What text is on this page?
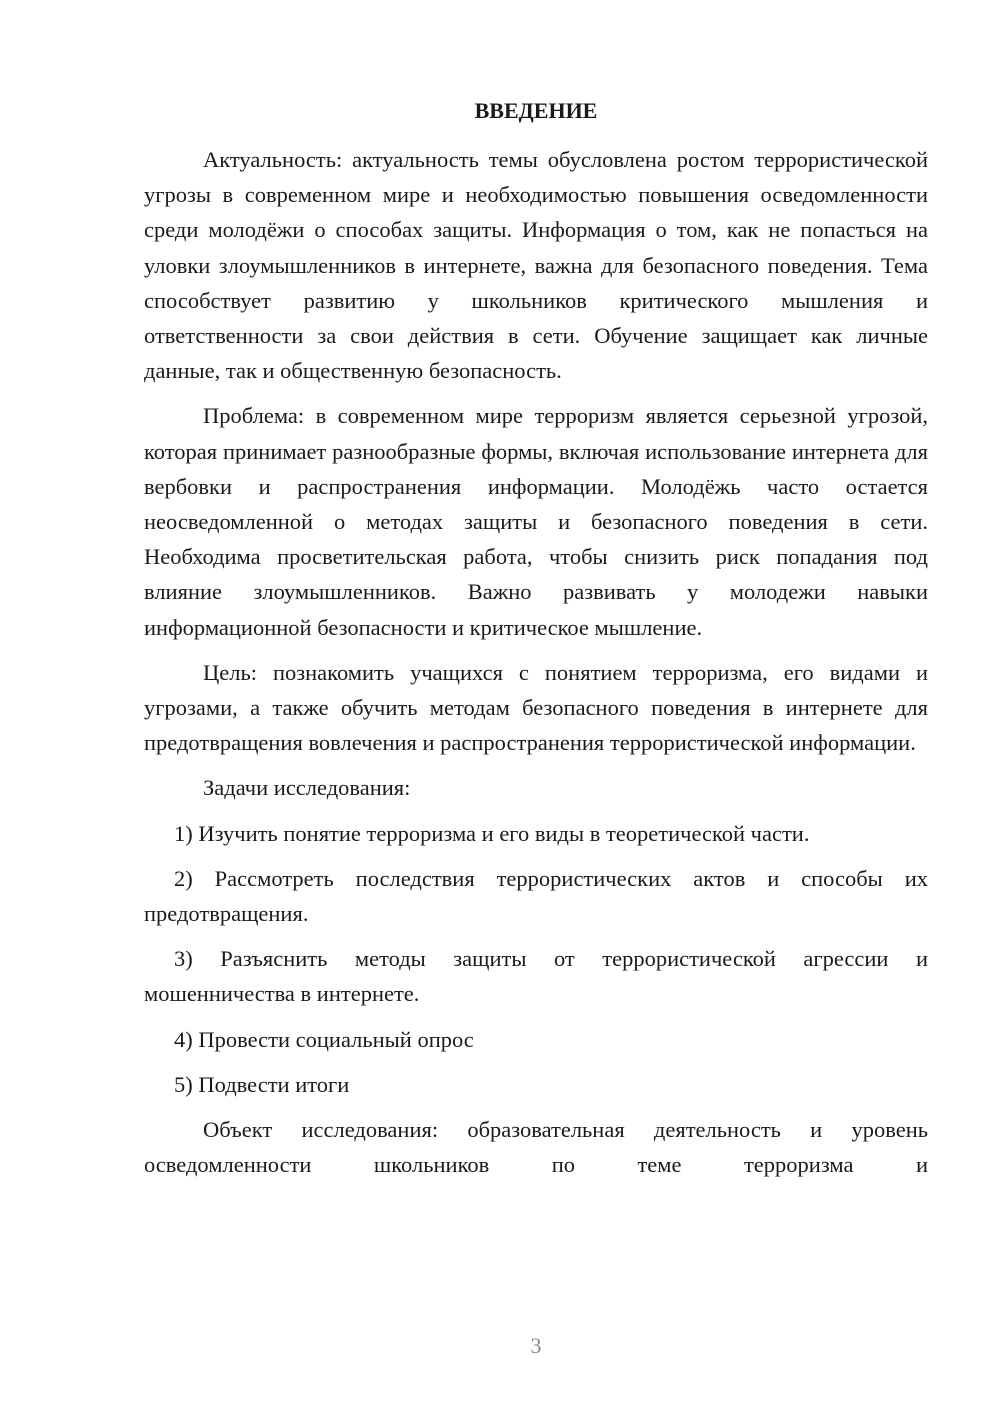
ВВЕДЕНИЕ

Актуальность: актуальность темы обусловлена ростом террористической угрозы в современном мире и необходимостью повышения осведомленности среди молодёжи о способах защиты. Информация о том, как не попасться на уловки злоумышленников в интернете, важна для безопасного поведения. Тема способствует развитию у школьников критического мышления и ответственности за свои действия в сети. Обучение защищает как личные данные, так и общественную безопасность.

Проблема: в современном мире терроризм является серьезной угрозой, которая принимает разнообразные формы, включая использование интернета для вербовки и распространения информации. Молодёжь часто остается неосведомленной о методах защиты и безопасного поведения в сети. Необходима просветительская работа, чтобы снизить риск попадания под влияние злоумышленников. Важно развивать у молодежи навыки информационной безопасности и критическое мышление.

Цель: познакомить учащихся с понятием терроризма, его видами и угрозами, а также обучить методам безопасного поведения в интернете для предотвращения вовлечения и распространения террористической информации.

Задачи исследования:

1) Изучить понятие терроризма и его виды в теоретической части.

2) Рассмотреть последствия террористических актов и способы их предотвращения.

3) Разъяснить методы защиты от террористической агрессии и мошенничества в интернете.

4) Провести социальный опрос

5) Подвести итоги

Объект исследования: образовательная деятельность и уровень осведомленности школьников по теме терроризма и

3
